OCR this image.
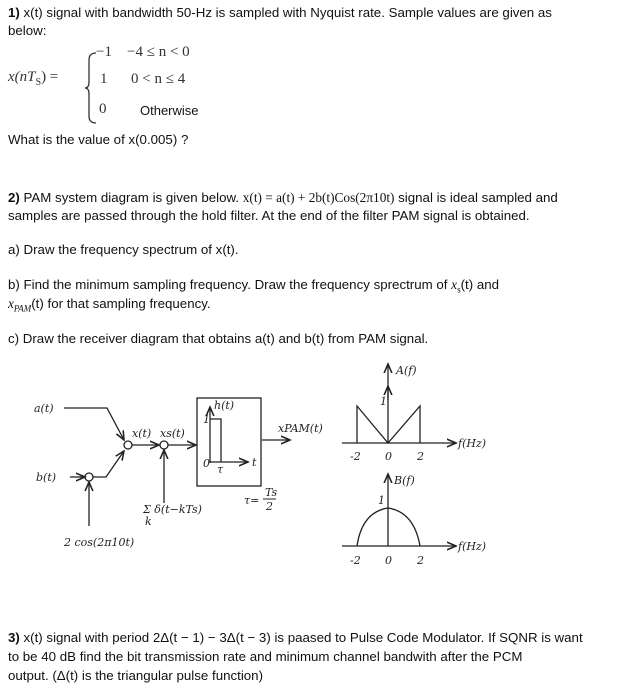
1) x(t) signal with bandwidth 50-Hz is sampled with Nyquist rate. Sample values are given as
below:
$x(nT_S)$ =
−1 −4 ≤ n < 0
1 0 < n ≤ 4
0	Otherwise
What is the value of x(0.005) ?
2) PAM system diagram is given below. x(t) = a(t) + 2b(t)Cos(2π10t) signal is ideal sampled and
samples are passed through the hold filter. At the end of the filter PAM signal is obtained.
a) Draw the frequency spectrum of x(t).
b) Find the minimum sampling frequency. Draw the frequency sprectrum of $x_s(t)$ and
$x_{PAM}(t)$ for that sampling frequency.
c) Draw the receiver diagram that obtains a(t) and b(t) from PAM signal.
a(t)
b(t)
x(t) xs(t)
2 cos(2π10t)
Σ δ(t−kTs)
k
h(t)
1
0 τ
t
xPAM(t)
τ=
Ts
2
A(f)
f(Hz)
1
-2 0 2
B(f)
f(Hz)
1
-2 0 2
3) x(t) signal with period 2Δ(t − 1) − 3Δ(t − 3) is paased to Pulse Code Modulator. If SQNR is want
to be 40 dB find the bit transmission rate and minimum channel bandwith after the PCM
output. (Δ(t) is the triangular pulse function)
